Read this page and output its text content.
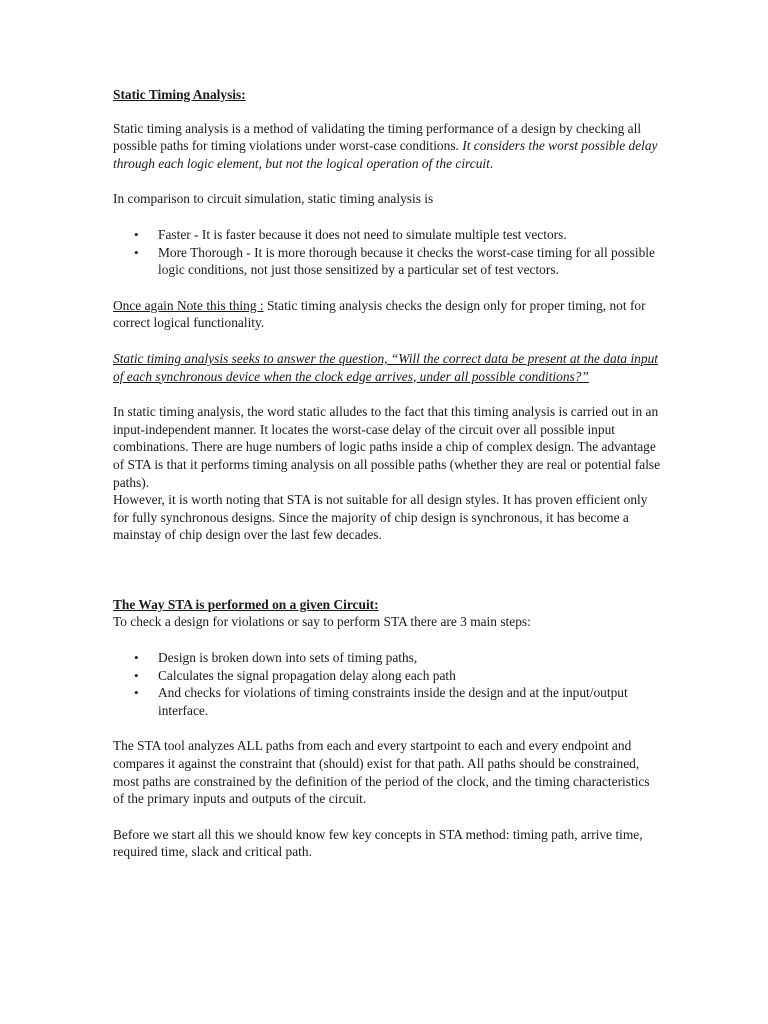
Static Timing Analysis:

Static timing analysis is a method of validating the timing performance of a design by checking all possible paths for timing violations under worst-case conditions. It considers the worst possible delay through each logic element, but not the logical operation of the circuit.

In comparison to circuit simulation, static timing analysis is

• Faster - It is faster because it does not need to simulate multiple test vectors.
• More Thorough - It is more thorough because it checks the worst-case timing for all possible logic conditions, not just those sensitized by a particular set of test vectors.

Once again Note this thing : Static timing analysis checks the design only for proper timing, not for correct logical functionality.

Static timing analysis seeks to answer the question, “Will the correct data be present at the data input of each synchronous device when the clock edge arrives, under all possible conditions?”

In static timing analysis, the word static alludes to the fact that this timing analysis is carried out in an input-independent manner. It locates the worst-case delay of the circuit over all possible input combinations. There are huge numbers of logic paths inside a chip of complex design. The advantage of STA is that it performs timing analysis on all possible paths (whether they are real or potential false paths).

However, it is worth noting that STA is not suitable for all design styles. It has proven efficient only for fully synchronous designs. Since the majority of chip design is synchronous, it has become a mainstay of chip design over the last few decades.

The Way STA is performed on a given Circuit:

To check a design for violations or say to perform STA there are 3 main steps:

• Design is broken down into sets of timing paths,
• Calculates the signal propagation delay along each path
• And checks for violations of timing constraints inside the design and at the input/output interface.

The STA tool analyzes ALL paths from each and every startpoint to each and every endpoint and compares it against the constraint that (should) exist for that path. All paths should be constrained, most paths are constrained by the definition of the period of the clock, and the timing characteristics of the primary inputs and outputs of the circuit.

Before we start all this we should know few key concepts in STA method: timing path, arrive time, required time, slack and critical path.
